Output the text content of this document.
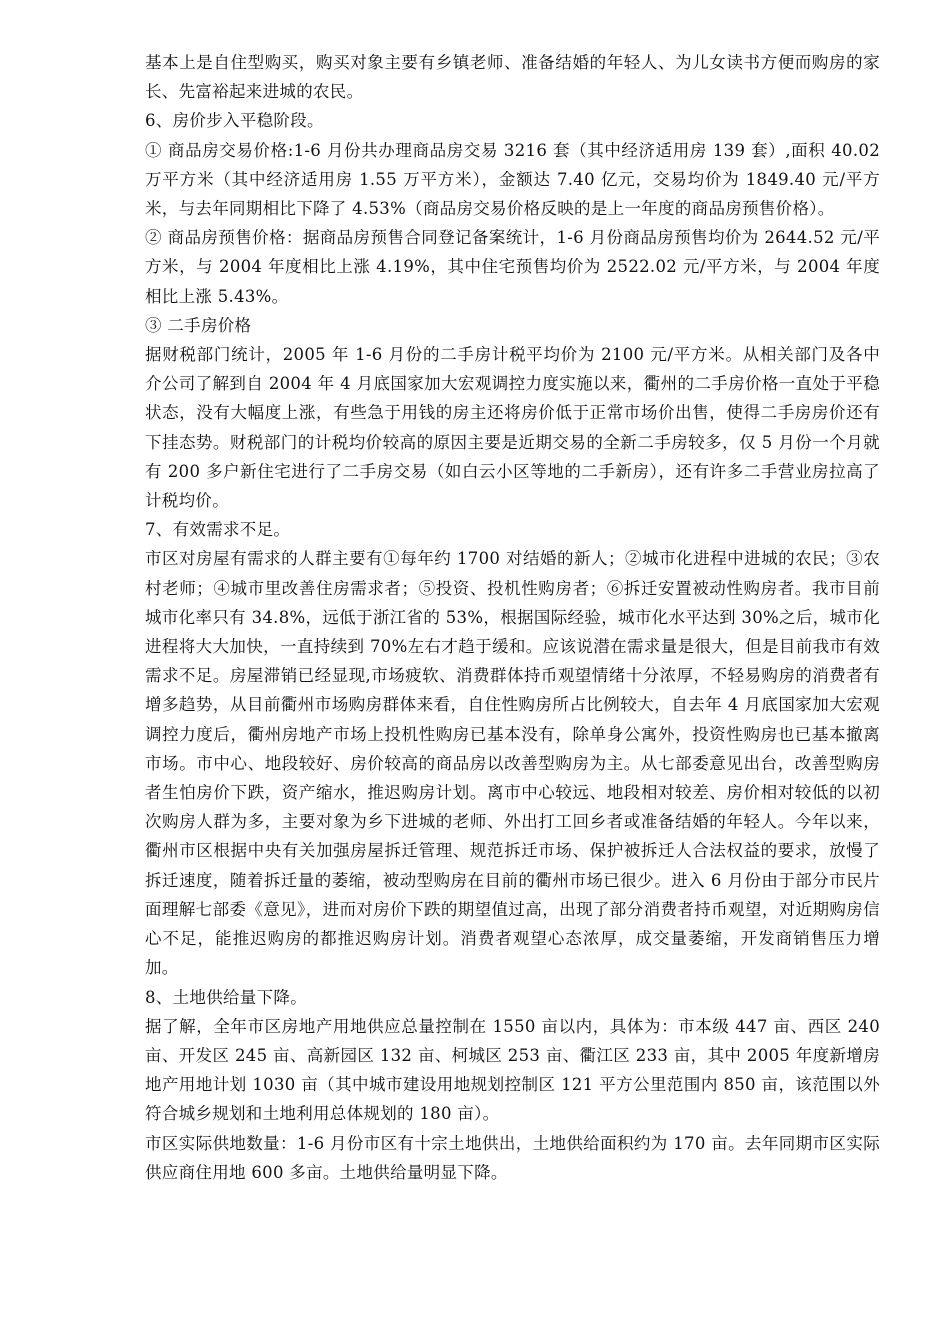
基本上是自住型购买，购买对象主要有乡镇老师、准备结婚的年轻人、为儿女读书方便而购房的家长、先富裕起来进城的农民。

6、房价步入平稳阶段。

① 商品房交易价格:1-6 月份共办理商品房交易 3216 套（其中经济适用房 139 套）,面积 40.02 万平方米（其中经济适用房 1.55 万平方米），金额达 7.40 亿元，交易均价为 1849.40 元/平方米，与去年同期相比下降了 4.53%（商品房交易价格反映的是上一年度的商品房预售价格）。

② 商品房预售价格：据商品房预售合同登记备案统计，1-6 月份商品房预售均价为 2644.52 元/平方米，与 2004 年度相比上涨 4.19%，其中住宅预售均价为 2522.02 元/平方米，与 2004 年度相比上涨 5.43%。

③ 二手房价格

据财税部门统计，2005 年 1-6 月份的二手房计税平均价为 2100 元/平方米。从相关部门及各中介公司了解到自 2004 年 4 月底国家加大宏观调控力度实施以来，衢州的二手房价格一直处于平稳状态，没有大幅度上涨，有些急于用钱的房主还将房价低于正常市场价出售，使得二手房房价还有下挂态势。财税部门的计税均价较高的原因主要是近期交易的全新二手房较多，仅 5 月份一个月就有 200 多户新住宅进行了二手房交易（如白云小区等地的二手新房），还有许多二手营业房拉高了计税均价。

7、有效需求不足。

市区对房屋有需求的人群主要有①每年约 1700 对结婚的新人；②城市化进程中进城的农民；③农村老师；④城市里改善住房需求者；⑤投资、投机性购房者；⑥拆迁安置被动性购房者。我市目前城市化率只有 34.8%，远低于浙江省的 53%，根据国际经验，城市化水平达到 30%之后，城市化进程将大大加快，一直持续到 70%左右才趋于缓和。应该说潜在需求量是很大，但是目前我市有效需求不足。房屋滞销已经显现,市场疲软、消费群体持币观望情绪十分浓厚，不轻易购房的消费者有增多趋势，从目前衢州市场购房群体来看，自住性购房所占比例较大，自去年 4 月底国家加大宏观调控力度后，衢州房地产市场上投机性购房已基本没有，除单身公寓外，投资性购房也已基本撤离市场。市中心、地段较好、房价较高的商品房以改善型购房为主。从七部委意见出台，改善型购房者生怕房价下跌，资产缩水，推迟购房计划。离市中心较远、地段相对较差、房价相对较低的以初次购房人群为多，主要对象为乡下进城的老师、外出打工回乡者或准备结婚的年轻人。今年以来，衢州市区根据中央有关加强房屋拆迁管理、规范拆迁市场、保护被拆迁人合法权益的要求，放慢了拆迁速度，随着拆迁量的萎缩，被动型购房在目前的衢州市场已很少。进入 6 月份由于部分市民片面理解七部委《意见》，进而对房价下跌的期望值过高，出现了部分消费者持币观望，对近期购房信心不足，能推迟购房的都推迟购房计划。消费者观望心态浓厚，成交量萎缩，开发商销售压力增加。

8、土地供给量下降。

据了解，全年市区房地产用地供应总量控制在 1550 亩以内，具体为：市本级 447 亩、西区 240 亩、开发区 245 亩、高新园区 132 亩、柯城区 253 亩、衢江区 233 亩，其中 2005 年度新增房地产用地计划 1030 亩（其中城市建设用地规划控制区 121 平方公里范围内 850 亩，该范围以外符合城乡规划和土地利用总体规划的 180 亩）。

市区实际供地数量：1-6 月份市区有十宗土地供出，土地供给面积约为 170 亩。去年同期市区实际供应商住用地 600 多亩。土地供给量明显下降。
